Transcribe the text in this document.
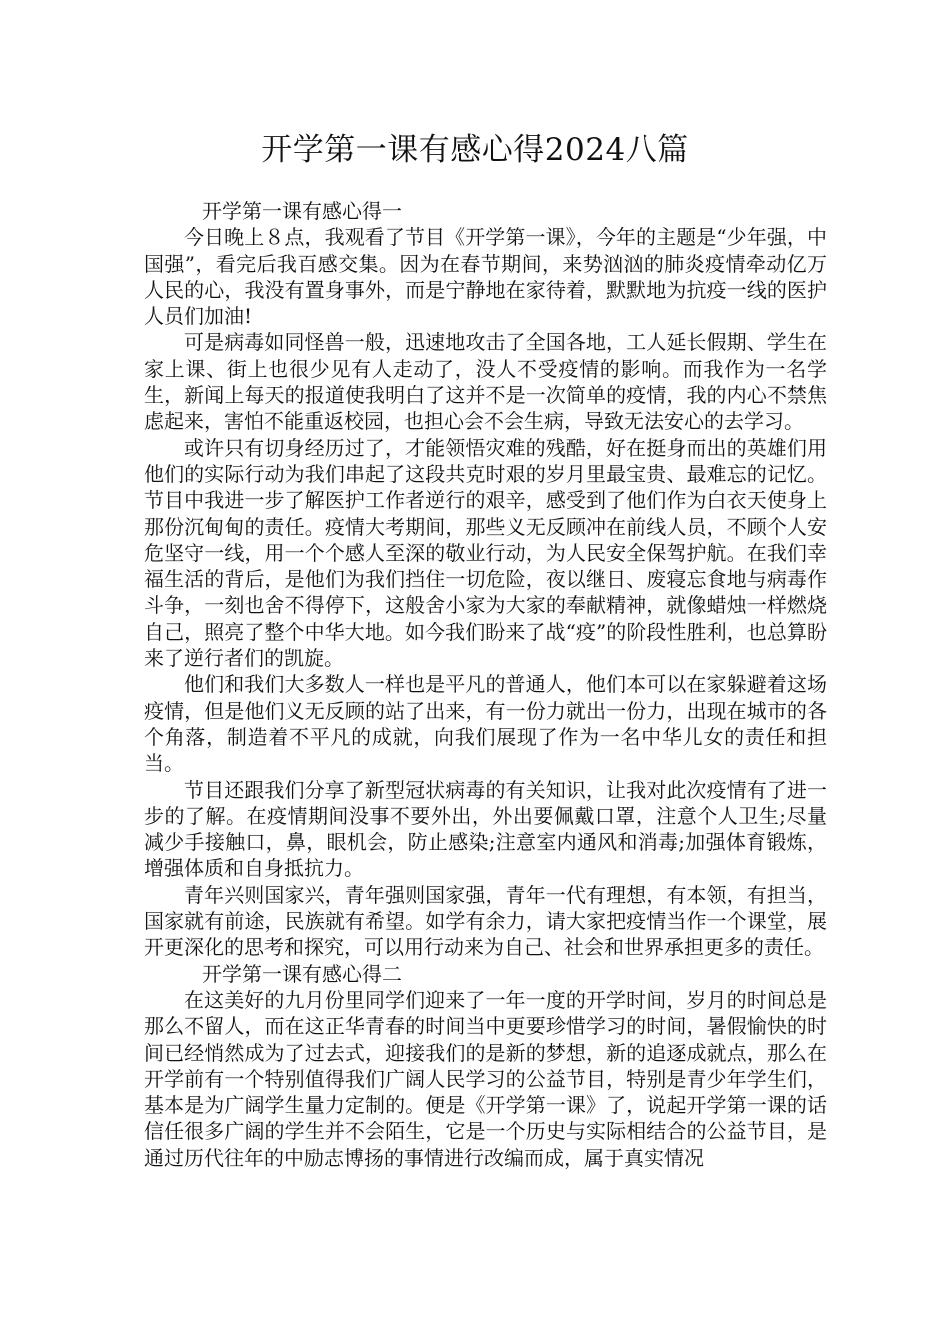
开学第一课有感心得2024八篇

开学第一课有感心得一

今日晚上８点，我观看了节目《开学第一课》，今年的主题是“少年强，中国强”，看完后我百感交集。因为在春节期间，来势汹汹的肺炎疫情牵动亿万人民的心，我没有置身事外，而是宁静地在家待着，默默地为抗疫一线的医护人员们加油!

可是病毒如同怪兽一般，迅速地攻击了全国各地，工人延长假期、学生在家上课、街上也很少见有人走动了，没人不受疫情的影响。而我作为一名学生，新闻上每天的报道使我明白了这并不是一次简单的疫情，我的内心不禁焦虑起来，害怕不能重返校园，也担心会不会生病，导致无法安心的去学习。

或许只有切身经历过了，才能领悟灾难的残酷，好在挺身而出的英雄们用他们的实际行动为我们串起了这段共克时艰的岁月里最宝贵、最难忘的记忆。节目中我进一步了解医护工作者逆行的艰辛，感受到了他们作为白衣天使身上那份沉甸甸的责任。疫情大考期间，那些义无反顾冲在前线人员，不顾个人安危坚守一线，用一个个感人至深的敬业行动，为人民安全保驾护航。在我们幸福生活的背后，是他们为我们挡住一切危险，夜以继日、废寝忘食地与病毒作斗争，一刻也舍不得停下，这般舍小家为大家的奉献精神，就像蜡烛一样燃烧自己，照亮了整个中华大地。如今我们盼来了战“疫”的阶段性胜利，也总算盼来了逆行者们的凯旋。

他们和我们大多数人一样也是平凡的普通人，他们本可以在家躲避着这场疫情，但是他们义无反顾的站了出来，有一份力就出一份力，出现在城市的各个角落，制造着不平凡的成就，向我们展现了作为一名中华儿女的责任和担当。

节目还跟我们分享了新型冠状病毒的有关知识，让我对此次疫情有了进一步的了解。在疫情期间没事不要外出，外出要佩戴口罩，注意个人卫生;尽量减少手接触口，鼻，眼机会，防止感染;注意室内通风和消毒;加强体育锻炼，增强体质和自身抵抗力。

青年兴则国家兴，青年强则国家强，青年一代有理想，有本领，有担当，国家就有前途，民族就有希望。如学有余力，请大家把疫情当作一个课堂，展开更深化的思考和探究，可以用行动来为自己、社会和世界承担更多的责任。

开学第一课有感心得二

在这美好的九月份里同学们迎来了一年一度的开学时间，岁月的时间总是那么不留人，而在这正华青春的时间当中更要珍惜学习的时间，暑假愉快的时间已经悄然成为了过去式，迎接我们的是新的梦想，新的追逐成就点，那么在开学前有一个特别值得我们广阔人民学习的公益节目，特别是青少年学生们，基本是为广阔学生量力定制的。便是《开学第一课》了，说起开学第一课的话信任很多广阔的学生并不会陌生，它是一个历史与实际相结合的公益节目，是通过历代往年的中励志博扬的事情进行改编而成，属于真实情况
